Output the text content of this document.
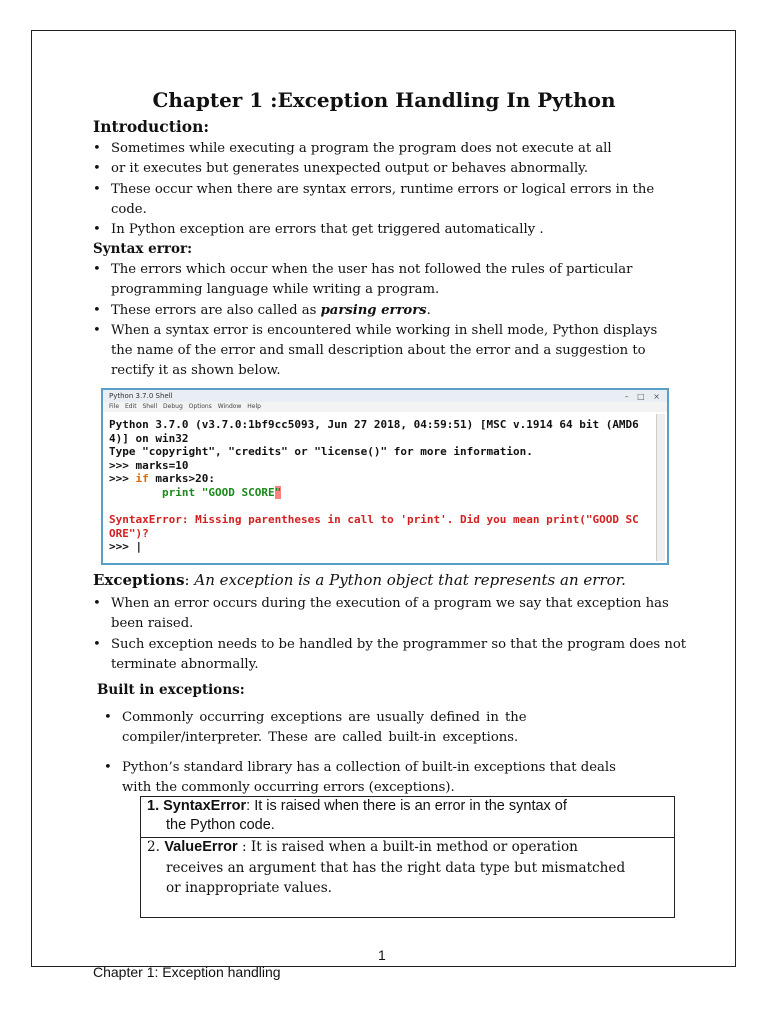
Chapter 1 :Exception Handling In Python
Introduction:
• Sometimes while executing a program the program does not execute at all
• or it executes but generates unexpected output or behaves abnormally.
• These occur when there are syntax errors, runtime errors or logical errors in the
code.
• In Python exception are errors that get triggered automatically .
Syntax error:
• The errors which occur when the user has not followed the rules of particular
programming language while writing a program.
• These errors are also called as parsing errors.
• When a syntax error is encountered while working in shell mode, Python displays
the name of the error and small description about the error and a suggestion to
rectify it as shown below.
Python 3.7.0 Shell	– □ ×
File Edit Shell Debug Options Window Help
Python 3.7.0 (v3.7.0:1bf9cc5093, Jun 27 2018, 04:59:51) [MSC v.1914 64 bit (AMD6
4)] on win32
Type "copyright", "credits" or "license()" for more information.
>>> marks=10
>>> if marks>20:
print "GOOD SCORE"

SyntaxError: Missing parentheses in call to 'print'. Did you mean print("GOOD SC
ORE")?
>>> |
Exceptions: An exception is a Python object that represents an error.
• When an error occurs during the execution of a program we say that exception has
been raised.
• Such exception needs to be handled by the programmer so that the program does not
terminate abnormally.
Built in exceptions:
• Commonly occurring exceptions are usually defined in the
compiler/interpreter. These are called built-in exceptions.
• Python’s standard library has a collection of built-in exceptions that deals
with the commonly occurring errors (exceptions).
1. SyntaxError: It is raised when there is an error in the syntax of
the Python code.
2. ValueError : It is raised when a built-in method or operation
receives an argument that has the right data type but mismatched
or inappropriate values.
1
Chapter 1: Exception handling
